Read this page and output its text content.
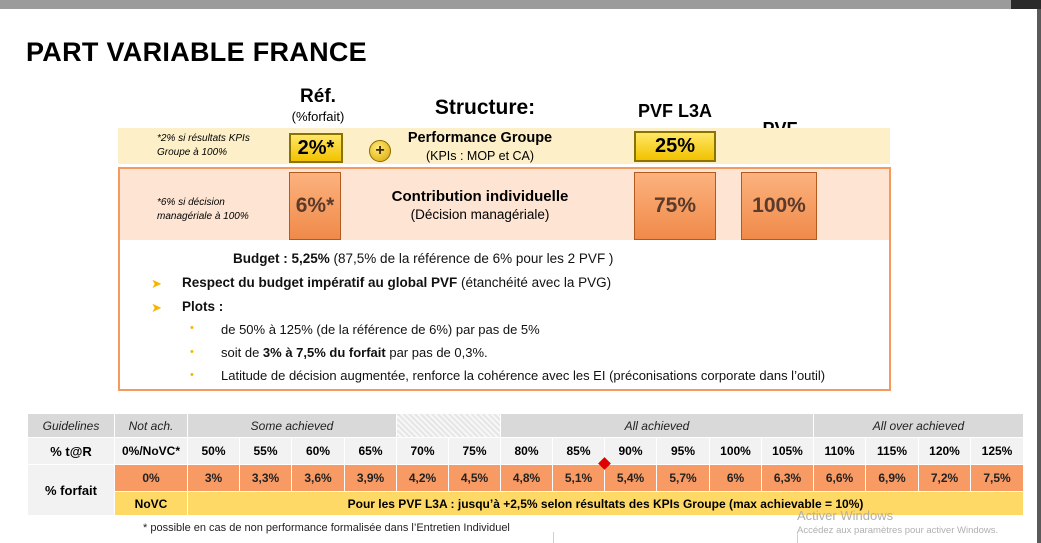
PART VARIABLE FRANCE
Réf.
(%forfait)	Structure:	PVF L3A
*2% si résultats KPIs
Groupe à 100%	2%*	+
Performance Groupe
(KPIs : MOP et CA)	25%
*6% si décision
managériale à 100%	6%*	Contribution individuelle
(Décision managériale)	75%	100%
Budget : 5,25% (87,5% de la référence de 6% pour les 2 PVF )
➤ Respect du budget impératif au global PVF (étanchéité avec la PVG)
➤ Plots :
• de 50% à 125% (de la référence de 6%) par pas de 5%
• soit de 3% à 7,5% du forfait par pas de 0,3%.
• Latitude de décision augmentée, renforce la cohérence avec les EI (préconisations corporate dans l’outil)
Guidelines	Not ach.	Some achieved						All achieved						All over achieved			
% t@R	0%/NoVC*	50%	55%	60%	65%	70%	75%	80%	85%	90%	95%	100%	105%	110%	115%	120%	125%
% forfait	0%	3%	3,3%	3,6%	3,9%	4,2%	4,5%	4,8%	5,1%	5,4%	5,7%	6%	6,3%	6,6%	6,9%	7,2%	7,5%
	NoVC	Pour les PVF L3A : jusqu’à +2,5% selon résultats des KPIs Groupe (max achievable = 10%)															
* possible en cas de non performance formalisée dans l’Entretien Individuel
Activer Windows
Accédez aux paramètres pour activer Windows.
